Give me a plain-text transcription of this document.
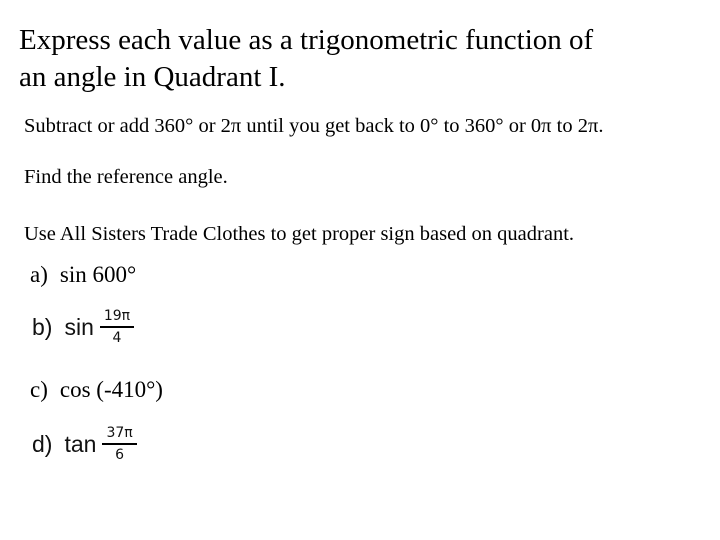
Express each value as a trigonometric function of
an angle in Quadrant I.
Subtract or add 360° or 2π until you get back to 0° to 360° or 0π to 2π.
Find the reference angle.
Use All Sisters Trade Clothes to get proper sign based on quadrant.
a) sin 600°
b) $\sin \frac{19\pi}{4}$
c) cos (-410°)
d) $\tan \frac{37\pi}{6}$
